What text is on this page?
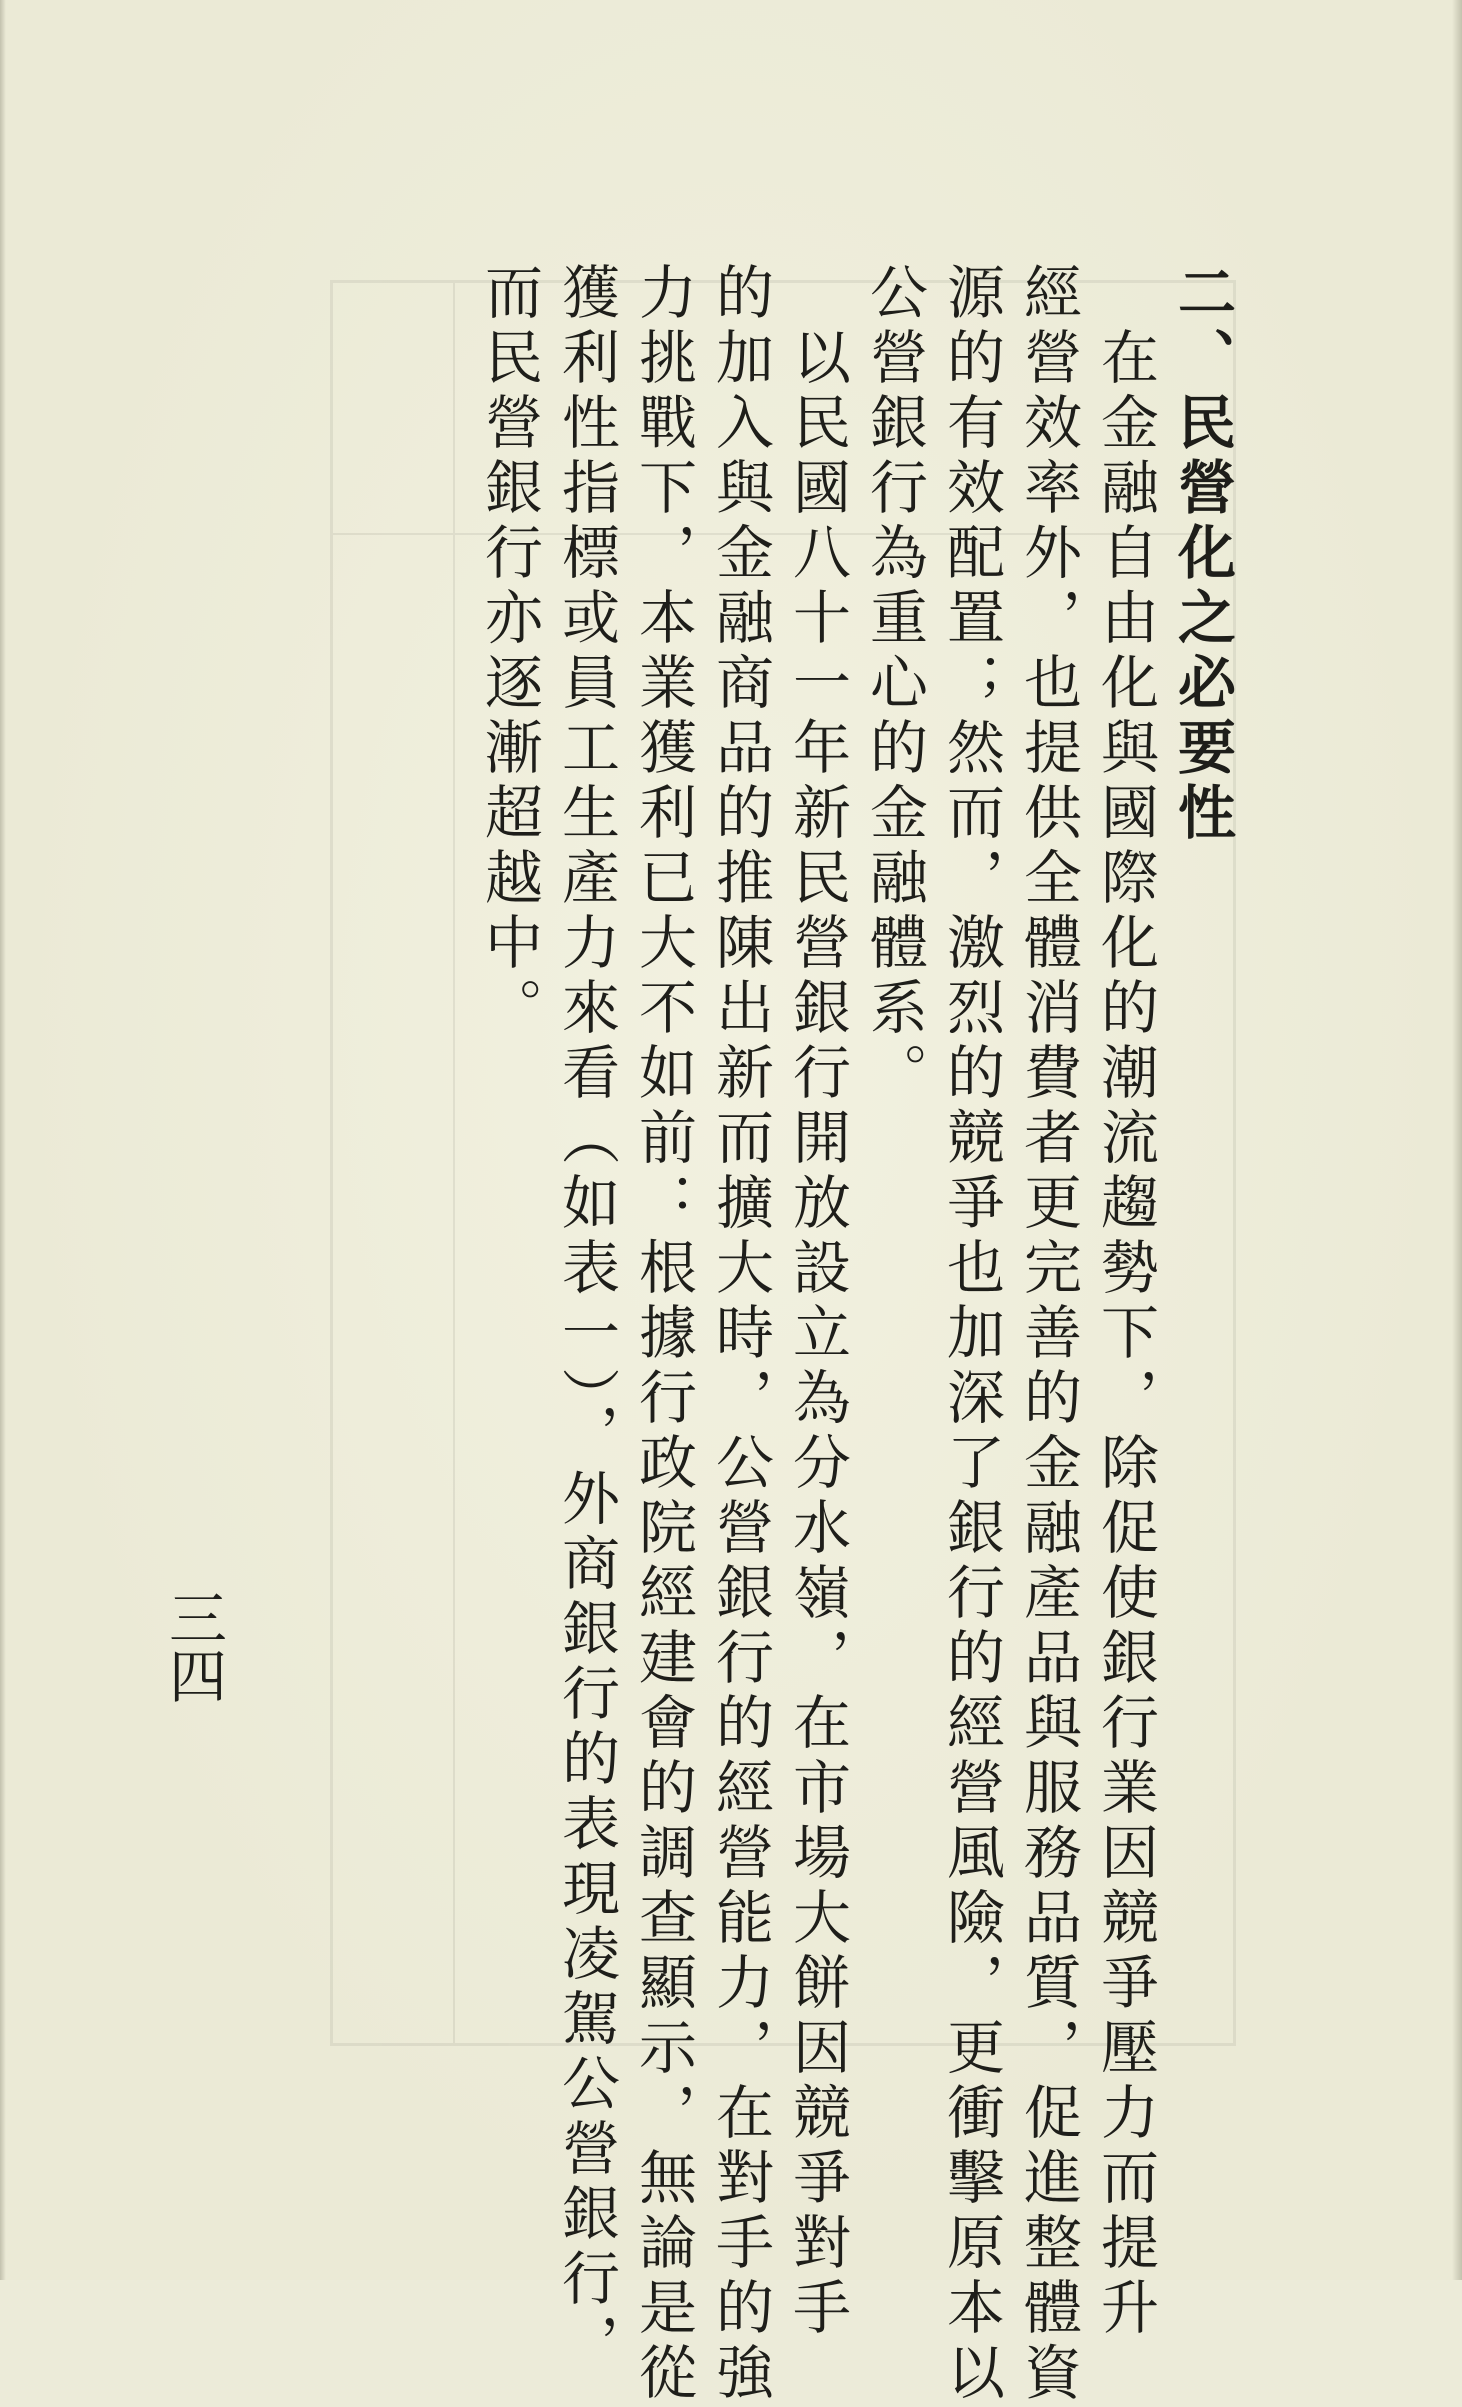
二、民營化之必要性
　在金融自由化與國際化的潮流趨勢下，除促使銀行業因競爭壓力而提升
經營效率外，也提供全體消費者更完善的金融產品與服務品質，促進整體資
源的有效配置；然而，激烈的競爭也加深了銀行的經營風險，更衝擊原本以
公營銀行為重心的金融體系。
　以民國八十一年新民營銀行開放設立為分水嶺，在市場大餅因競爭對手
的加入與金融商品的推陳出新而擴大時，公營銀行的經營能力，在對手的強
力挑戰下，本業獲利已大不如前：根據行政院經建會的調查顯示，無論是從
獲利性指標或員工生產力來看（如表一），外商銀行的表現凌駕公營銀行，
而民營銀行亦逐漸超越中。
三四
